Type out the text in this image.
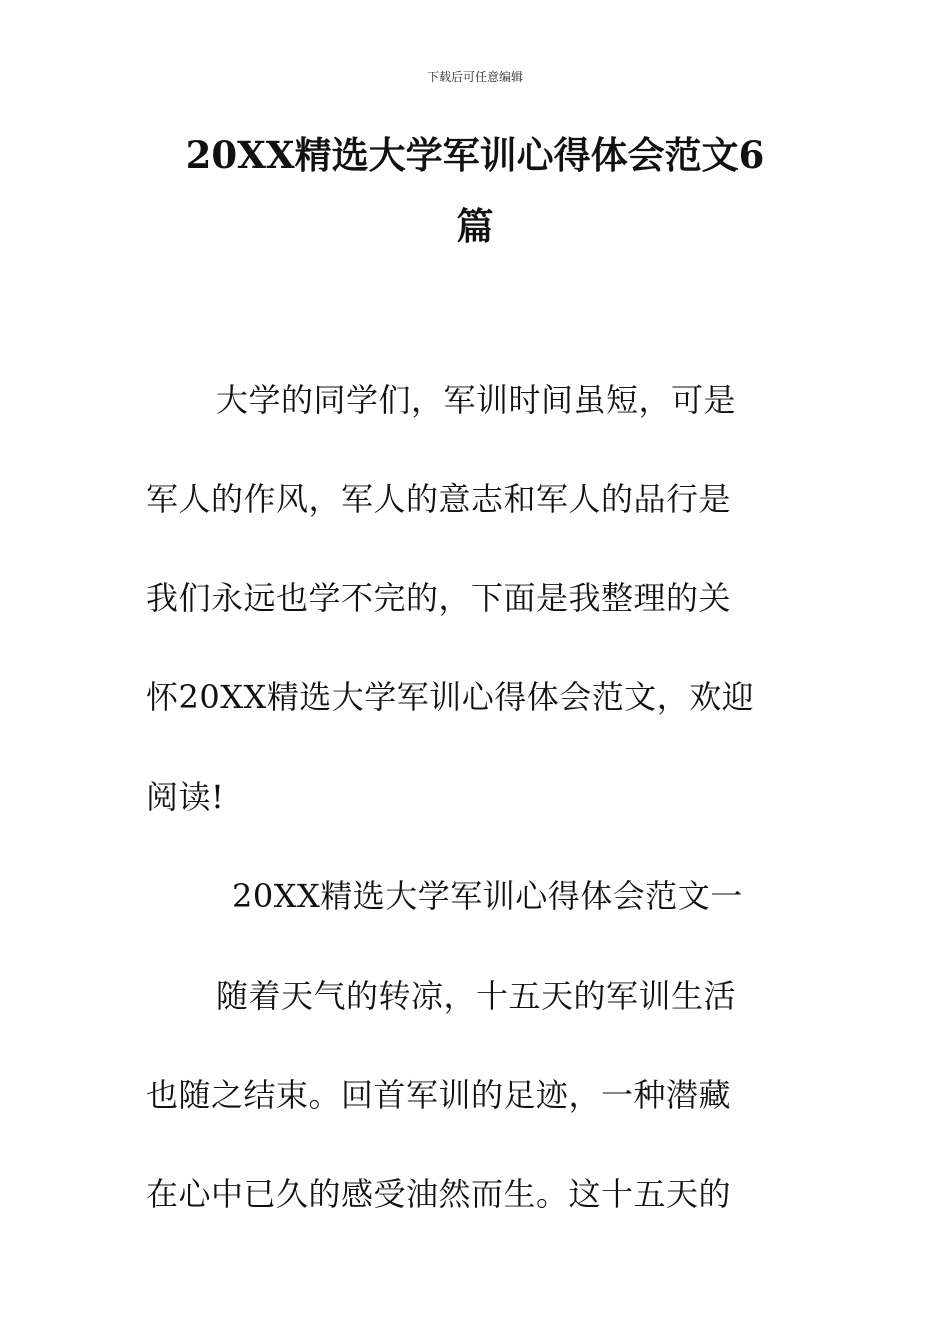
下载后可任意编辑
20XX精选大学军训心得体会范文6
篇
大学的同学们，军训时间虽短，可是
军人的作风，军人的意志和军人的品行是
我们永远也学不完的，下面是我整理的关
怀20XX精选大学军训心得体会范文，欢迎
阅读!
20XX精选大学军训心得体会范文一
随着天气的转凉，十五天的军训生活
也随之结束。回首军训的足迹，一种潜藏
在心中已久的感受油然而生。这十五天的
